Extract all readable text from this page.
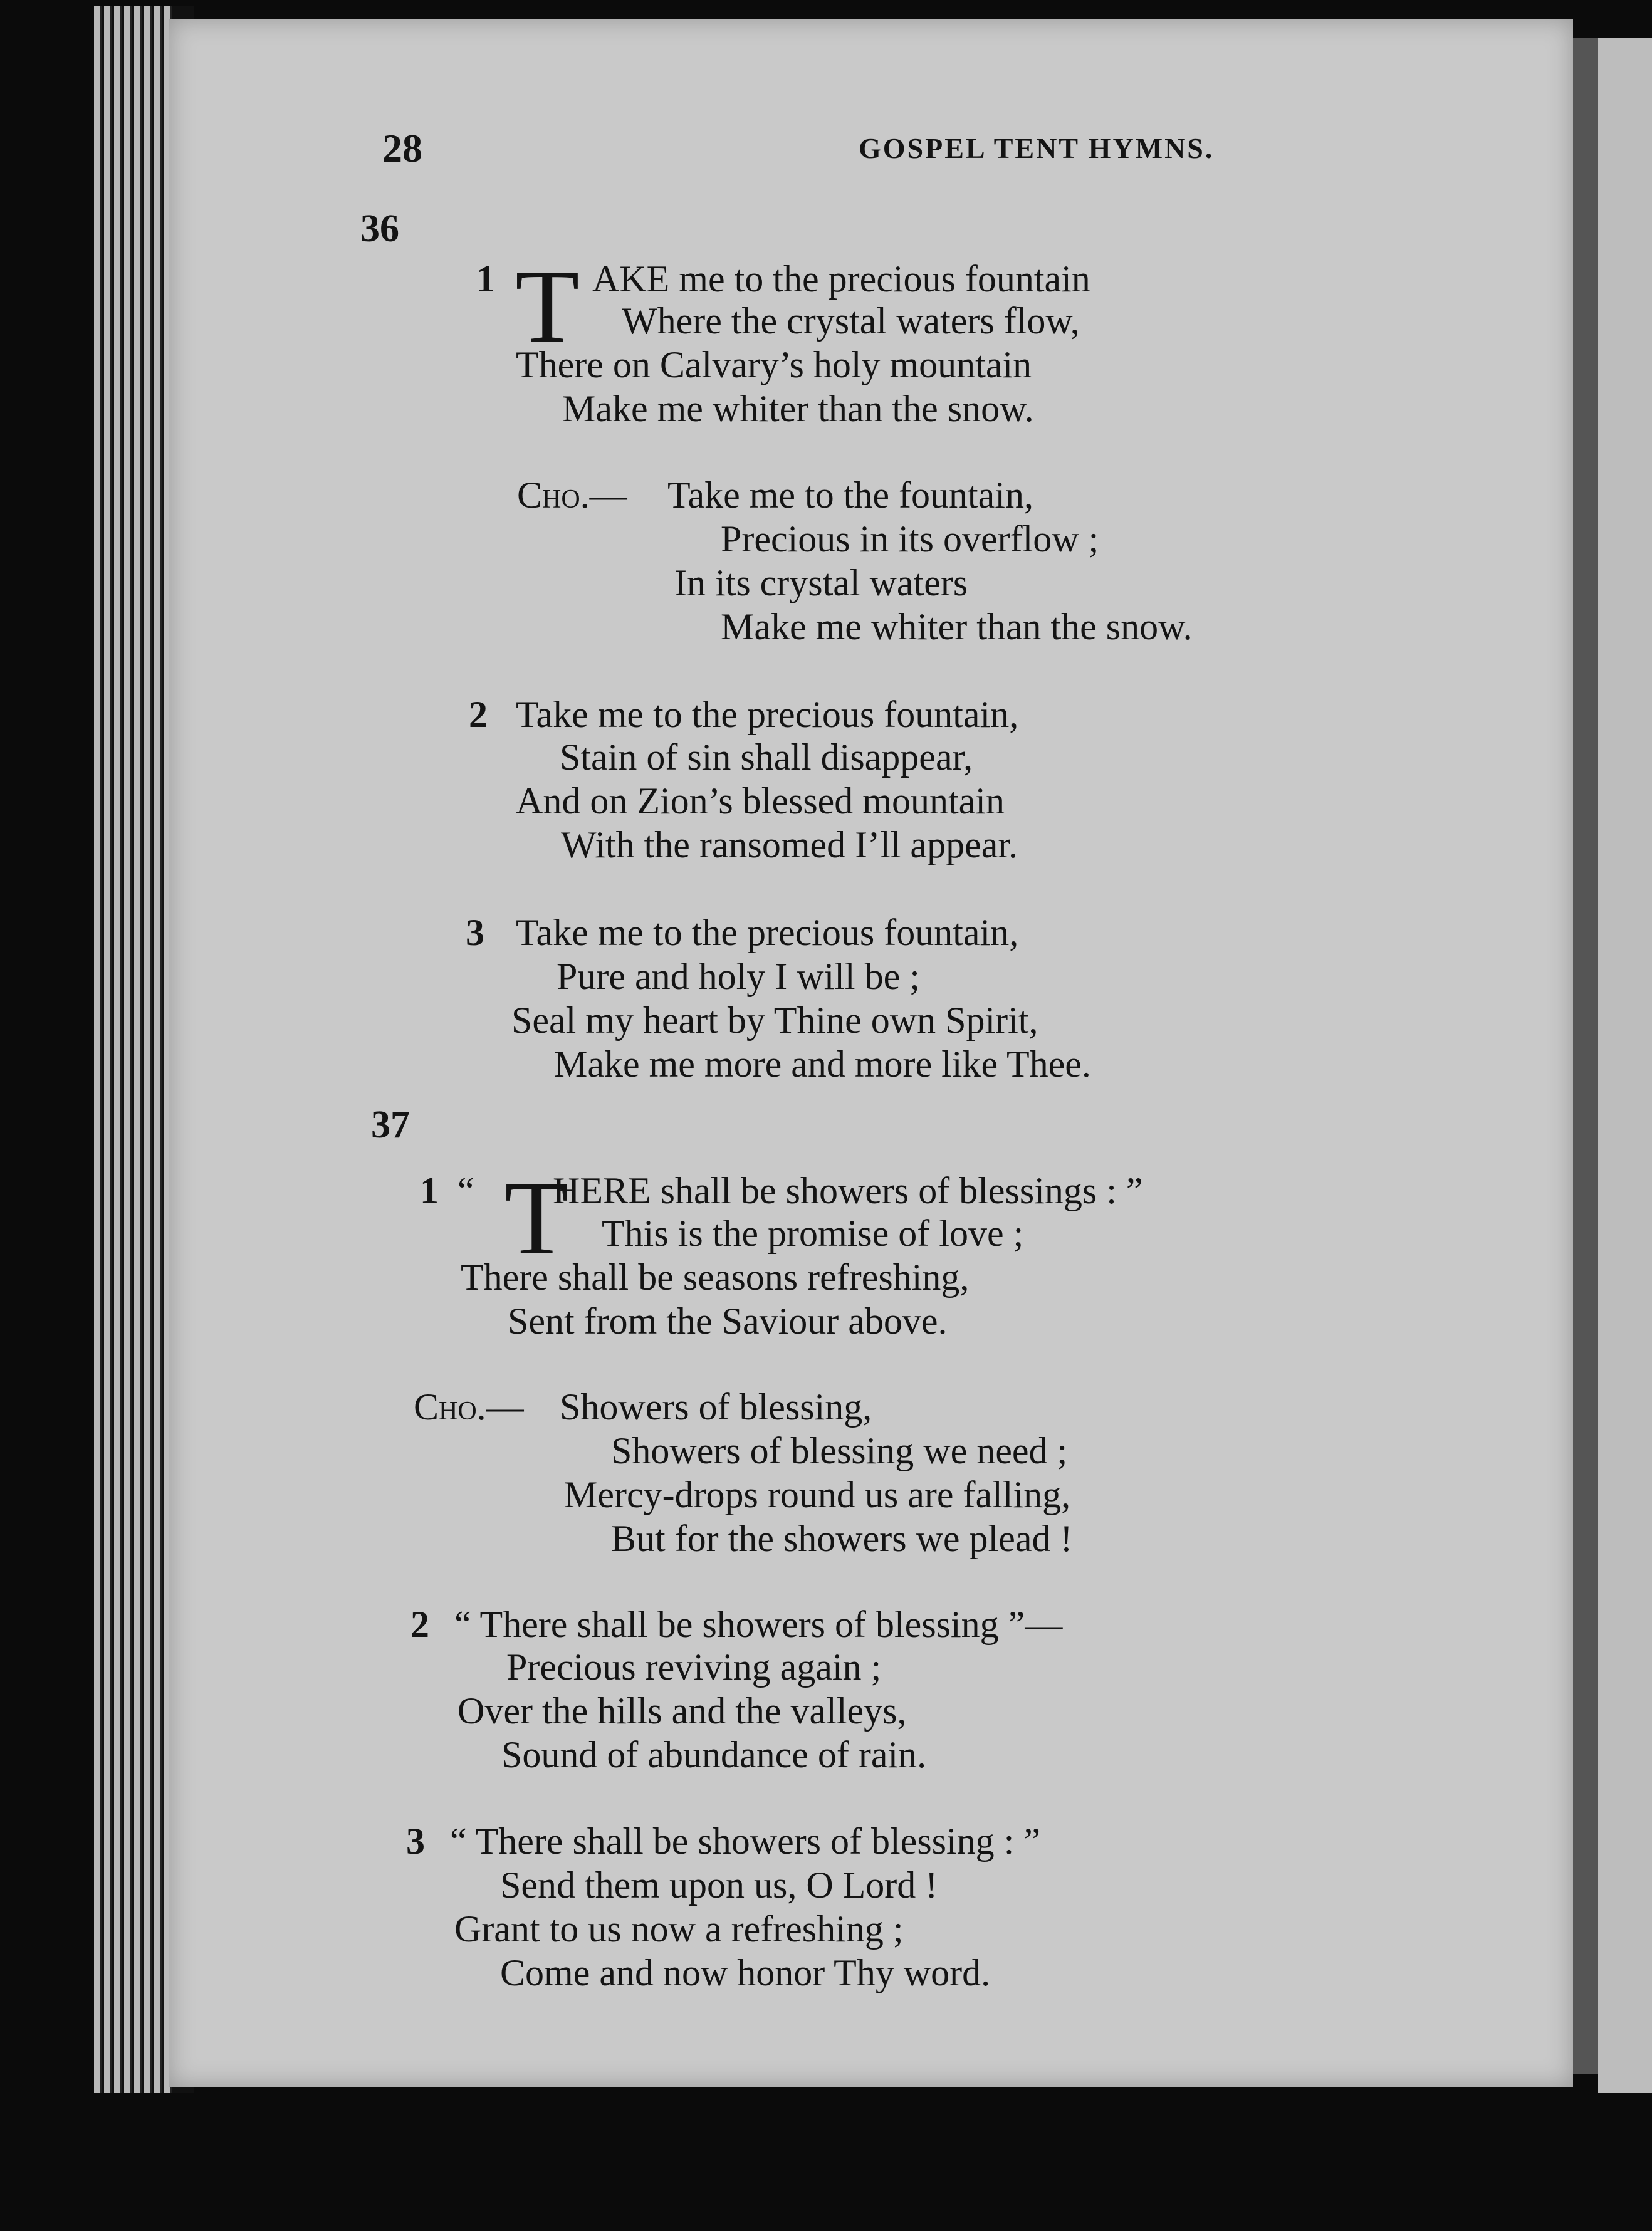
28	GOSPEL TENT HYMNS.
36
1 T AKE me to the precious fountain
Where the crystal waters flow,
There on Calvary’s holy mountain
Make me whiter than the snow.
Cho.— Take me to the fountain,
Precious in its overflow ;
In its crystal waters
Make me whiter than the snow.
2 Take me to the precious fountain,
Stain of sin shall disappear,
And on Zion’s blessed mountain
With the ransomed I’ll appear.
3 Take me to the precious fountain,
Pure and holy I will be ;
Seal my heart by Thine own Spirit,
Make me more and more like Thee.
37
1 “ T
HERE shall be showers of blessings : ”
This is the promise of love ;
There shall be seasons refreshing,
Sent from the Saviour above.
Cho.— Showers of blessing,
Showers of blessing we need ;
Mercy-drops round us are falling,
But for the showers we plead !
2 “ There shall be showers of blessing ”—
Precious reviving again ;
Over the hills and the valleys,
Sound of abundance of rain.
3 “ There shall be showers of blessing : ”
Send them upon us, O Lord !
Grant to us now a refreshing ;
Come and now honor Thy word.
